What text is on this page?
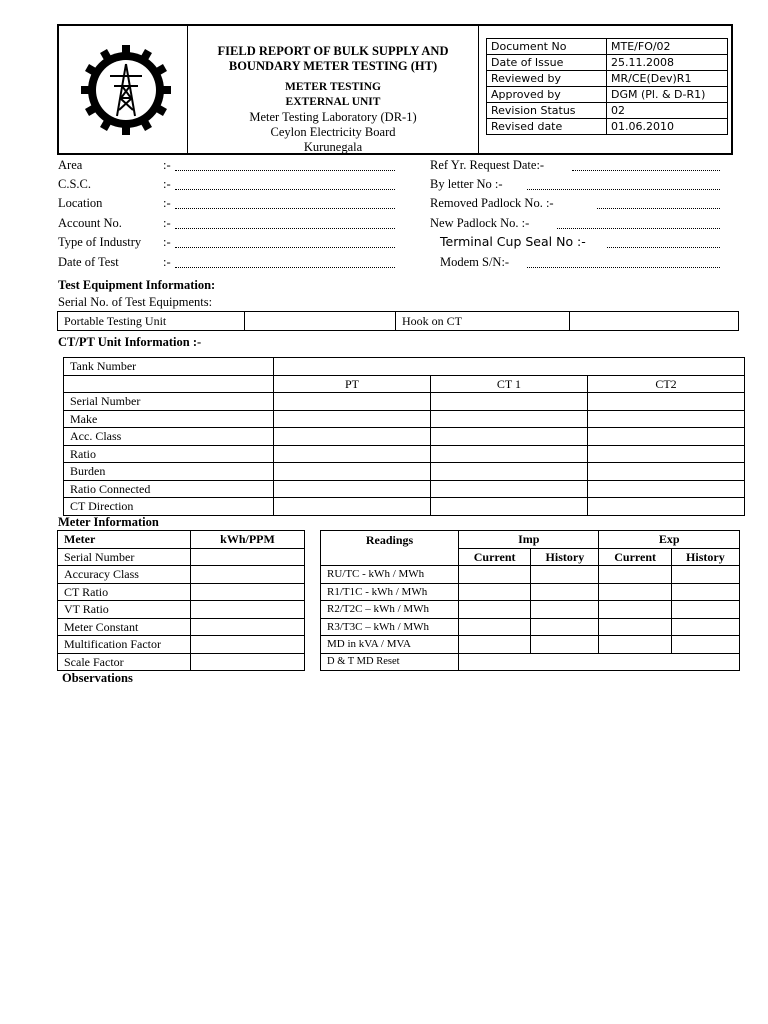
FIELD REPORT OF BULK SUPPLY AND
BOUNDARY METER TESTING (HT)
METER TESTING
EXTERNAL UNIT
Meter Testing Laboratory (DR-1)
Ceylon Electricity Board
Kurunegala
Document No	MTE/FO/02
Date of Issue	25.11.2008
Reviewed by	MR/CE(Dev)R1
Approved by	DGM (Pl. & D-R1)
Revision Status	02
Revised date	01.06.2010
Area	:-
C.S.C.	:-
Location	:-
Account No.	:-
Type of Industry :-
Date of Test	:-
Ref Yr. Request Date:-
By letter No :-
Removed Padlock No. :-
New Padlock No. :-
Terminal Cup Seal No :-
Modem S/N:-
Test Equipment Information:
Serial No. of Test Equipments:
Portable Testing Unit		Hook on CT	
CT/PT Unit Information :-
Tank Number			
	PT	CT 1	CT2
Serial Number			
Make			
Acc. Class			
Ratio			
Burden			
Ratio Connected			
CT Direction			
Meter Information
Meter	kWh/PPM
Serial Number	
Accuracy Class	
CT Ratio	
VT Ratio	
Meter Constant	
Multification Factor	
Scale Factor	
Readings	Imp		Exp	
	Current	History	Current	History
RU/TC - kWh / MWh				
R1/T1C - kWh / MWh				
R2/T2C – kWh / MWh				
R3/T3C – kWh / MWh				
MD in kVA / MVA				
D & T MD Reset				
Observations
